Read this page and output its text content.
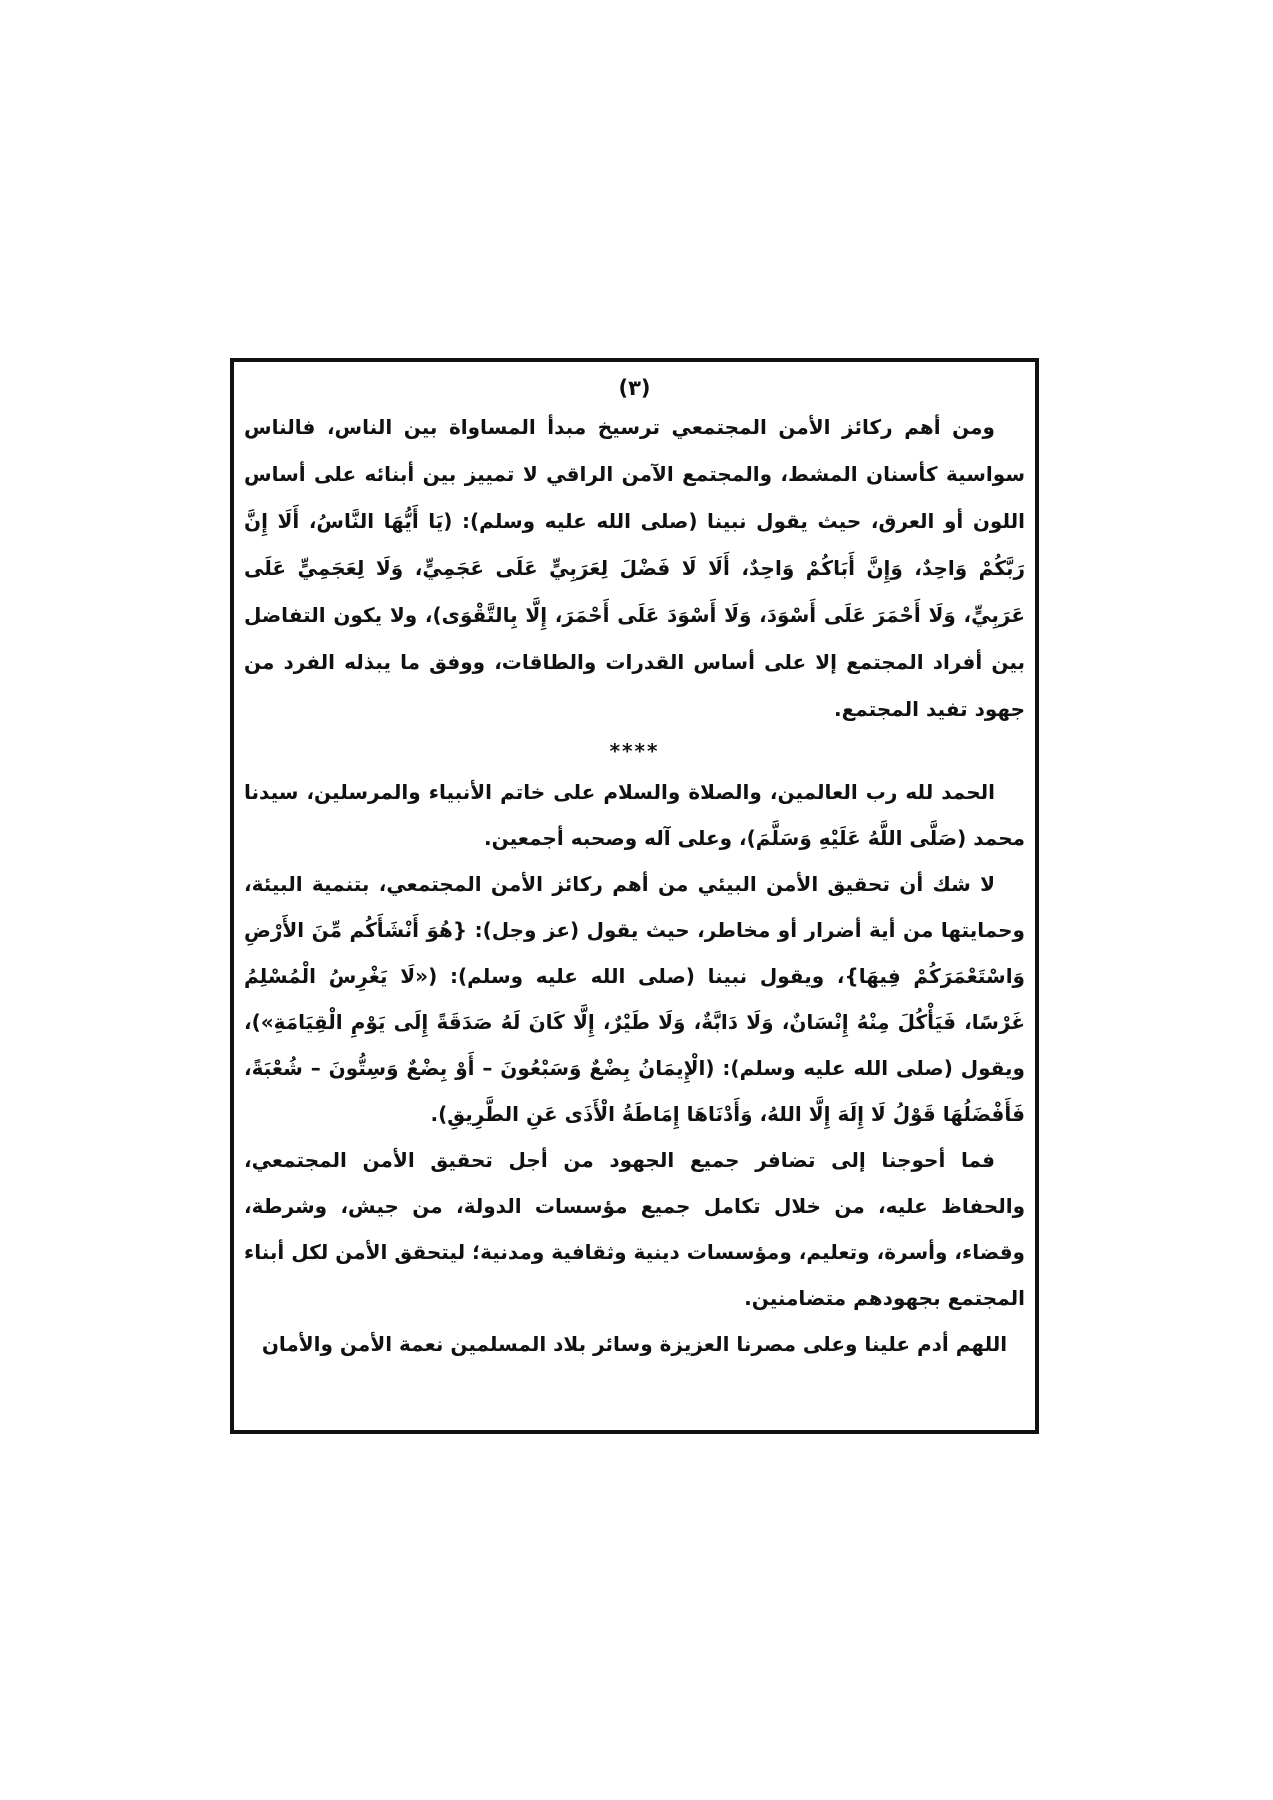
(٣)

ومن أهم ركائز الأمن المجتمعي ترسيخ مبدأ المساواة بين الناس، فالناس سواسية كأسنان المشط، والمجتمع الآمن الراقي لا تمييز بين أبنائه على أساس اللون أو العرق، حيث يقول نبينا (صلى الله عليه وسلم): (يَا أَيُّهَا النَّاسُ، أَلَا إِنَّ رَبَّكُمْ وَاحِدٌ، وَإِنَّ أَبَاكُمْ وَاحِدٌ، أَلَا لَا فَضْلَ لِعَرَبِيٍّ عَلَى عَجَمِيٍّ، وَلَا لِعَجَمِيٍّ عَلَى عَرَبِيٍّ، وَلَا أَحْمَرَ عَلَى أَسْوَدَ، وَلَا أَسْوَدَ عَلَى أَحْمَرَ، إِلَّا بِالتَّقْوَى)، ولا يكون التفاضل بين أفراد المجتمع إلا على أساس القدرات والطاقات، ووفق ما يبذله الفرد من جهود تفيد المجتمع.

****

الحمد لله رب العالمين، والصلاة والسلام على خاتم الأنبياء والمرسلين، سيدنا محمد (صَلَّى اللَّهُ عَلَيْهِ وَسَلَّمَ)، وعلى آله وصحبه أجمعين.

لا شك أن تحقيق الأمن البيئي من أهم ركائز الأمن المجتمعي، بتنمية البيئة، وحمايتها من أية أضرار أو مخاطر، حيث يقول (عز وجل): {هُوَ أَنْشَأَكُم مِّنَ الأَرْضِ وَاسْتَعْمَرَكُمْ فِيهَا}، ويقول نبينا (صلى الله عليه وسلم): («لَا يَغْرِسُ الْمُسْلِمُ غَرْسًا، فَيَأْكُلَ مِنْهُ إِنْسَانٌ، وَلَا دَابَّةٌ، وَلَا طَيْرٌ، إِلَّا كَانَ لَهُ صَدَقَةً إِلَى يَوْمِ الْقِيَامَةِ»)، ويقول (صلى الله عليه وسلم): (الْإِيمَانُ بِضْعٌ وَسَبْعُونَ – أَوْ بِضْعٌ وَسِتُّونَ – شُعْبَةً، فَأَفْضَلُهَا قَوْلُ لَا إِلَهَ إِلَّا اللهُ، وَأَدْنَاهَا إِمَاطَةُ الْأَذَى عَنِ الطَّرِيقِ).

فما أحوجنا إلى تضافر جميع الجهود من أجل تحقيق الأمن المجتمعي، والحفاظ عليه، من خلال تكامل جميع مؤسسات الدولة، من جيش، وشرطة، وقضاء، وأسرة، وتعليم، ومؤسسات دينية وثقافية ومدنية؛ ليتحقق الأمن لكل أبناء المجتمع بجهودهم متضامنين.

اللهم أدم علينا وعلى مصرنا العزيزة وسائر بلاد المسلمين نعمة الأمن والأمان
